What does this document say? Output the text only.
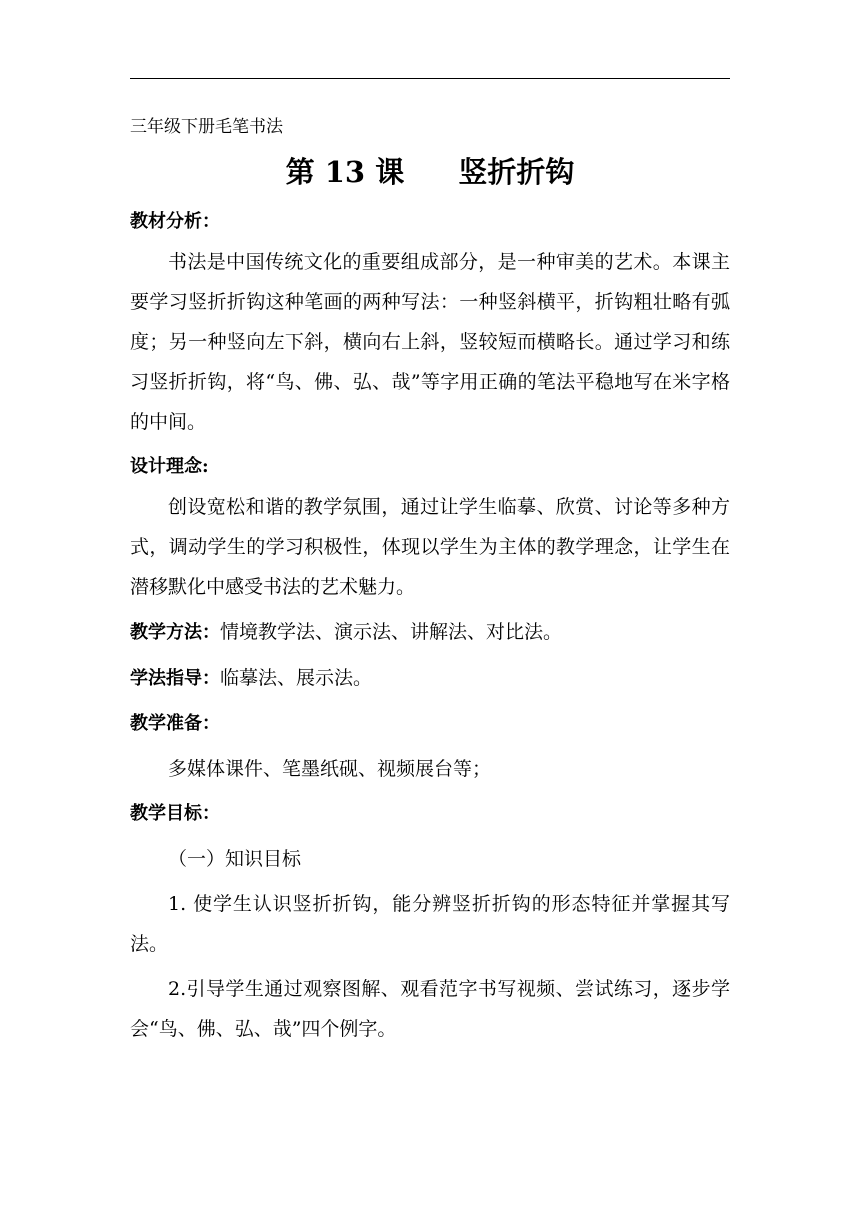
三年级下册毛笔书法
第 13 课 竖折折钩
教材分析：
书法是中国传统文化的重要组成部分，是一种审美的艺术。本课主要学习竖折折钩这种笔画的两种写法：一种竖斜横平，折钩粗壮略有弧度；另一种竖向左下斜，横向右上斜，竖较短而横略长。通过学习和练习竖折折钩，将“鸟、佛、弘、哉”等字用正确的笔法平稳地写在米字格的中间。
设计理念:
创设宽松和谐的教学氛围，通过让学生临摹、欣赏、讨论等多种方式，调动学生的学习积极性，体现以学生为主体的教学理念，让学生在潜移默化中感受书法的艺术魅力。
教学方法：情境教学法、演示法、讲解法、对比法。
学法指导：临摹法、展示法。
教学准备：
多媒体课件、笔墨纸砚、视频展台等；
教学目标：
（一）知识目标
1. 使学生认识竖折折钩，能分辨竖折折钩的形态特征并掌握其写法。
2.引导学生通过观察图解、观看范字书写视频、尝试练习，逐步学会“鸟、佛、弘、哉”四个例字。
